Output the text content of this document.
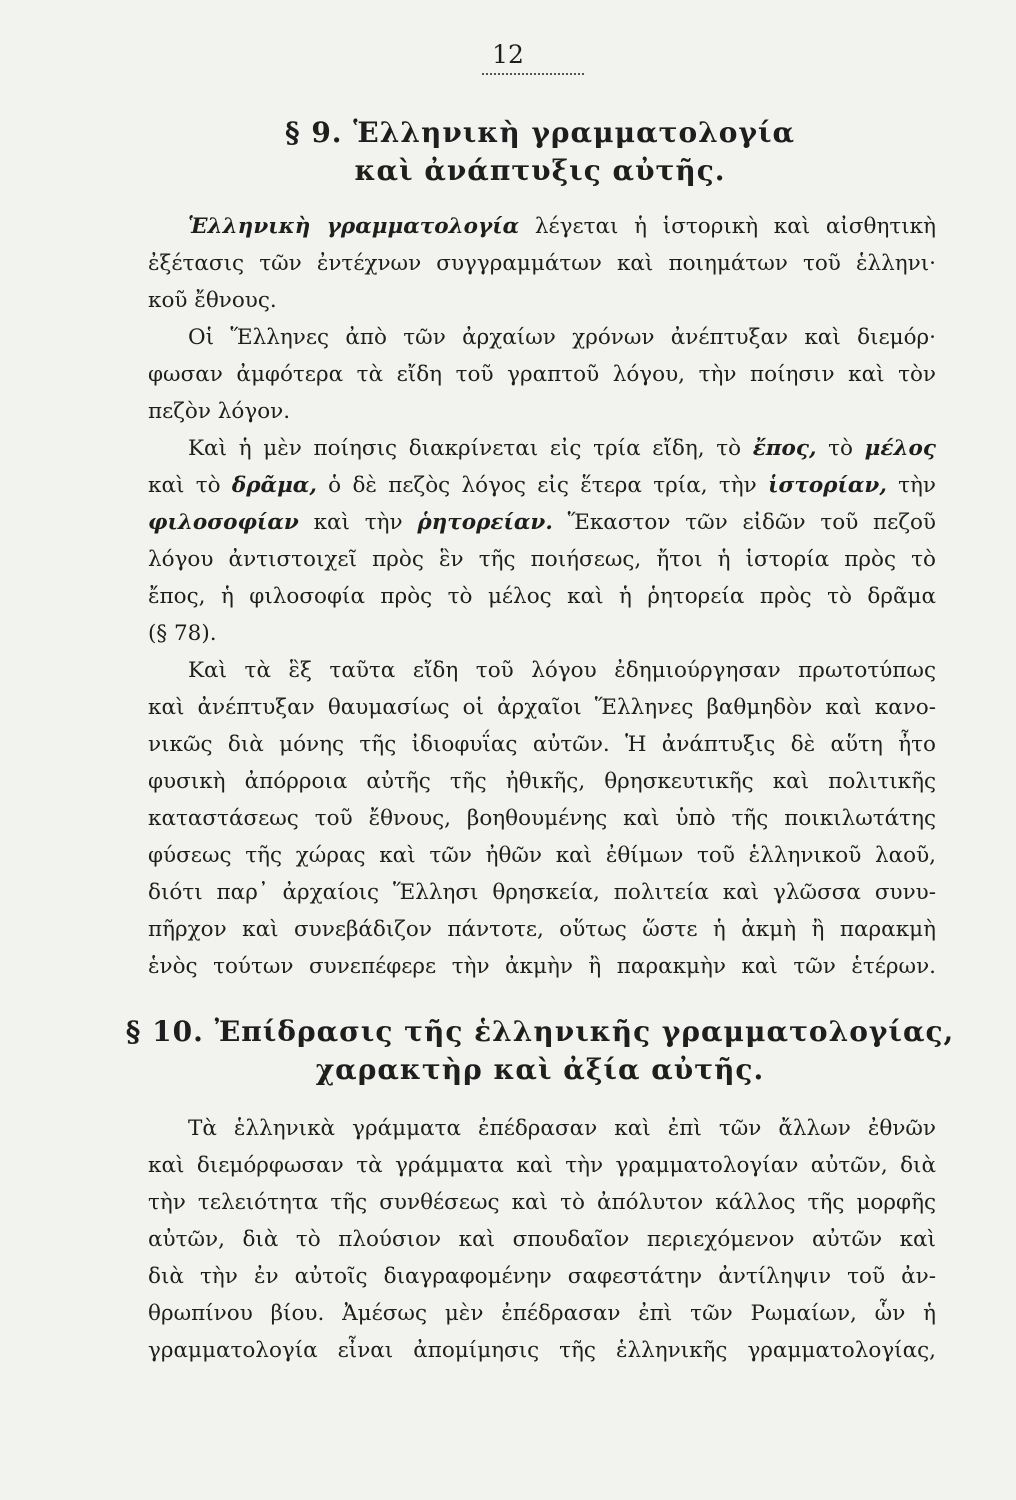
12
§ 9. Ἑλληνικὴ γραμματολογία
καὶ ἀνάπτυξις αὐτῆς.
Ἑλληνικὴ γραμματολογία λέγεται ἡ ἱστορικὴ καὶ αἰσθητικὴ
ἐξέτασις τῶν ἐντέχνων συγγραμμάτων καὶ ποιημάτων τοῦ ἑλληνι·
κοῦ ἔθνους.
Οἱ Ἕλληνες ἀπὸ τῶν ἀρχαίων χρόνων ἀνέπτυξαν καὶ διεμόρ·
φωσαν ἀμφότερα τὰ εἴδη τοῦ γραπτοῦ λόγου, τὴν ποίησιν καὶ τὸν
πεζὸν λόγον.
Καὶ ἡ μὲν ποίησις διακρίνεται εἰς τρία εἴδη, τὸ ἔπος, τὸ μέλος
καὶ τὸ δρᾶμα, ὁ δὲ πεζὸς λόγος εἰς ἕτερα τρία, τὴν ἱστορίαν, τὴν
φιλοσοφίαν καὶ τὴν ῥητορείαν. Ἕκαστον τῶν εἰδῶν τοῦ πεζοῦ
λόγου ἀντιστοιχεῖ πρὸς ἓν τῆς ποιήσεως, ἤτοι ἡ ἱστορία πρὸς τὸ
ἔπος, ἡ φιλοσοφία πρὸς τὸ μέλος καὶ ἡ ῥητορεία πρὸς τὸ δρᾶμα
(§ 78).
Καὶ τὰ ἓξ ταῦτα εἴδη τοῦ λόγου ἐδημιούργησαν πρωτοτύπως
καὶ ἀνέπτυξαν θαυμασίως οἱ ἀρχαῖοι Ἕλληνες βαθμηδὸν καὶ κανο-
νικῶς διὰ μόνης τῆς ἰδιοφυΐας αὐτῶν. Ἡ ἀνάπτυξις δὲ αὕτη ἦτο
φυσικὴ ἀπόρροια αὐτῆς τῆς ἠθικῆς, θρησκευτικῆς καὶ πολιτικῆς
καταστάσεως τοῦ ἔθνους, βοηθουμένης καὶ ὑπὸ τῆς ποικιλωτάτης
φύσεως τῆς χώρας καὶ τῶν ἠθῶν καὶ ἐθίμων τοῦ ἑλληνικοῦ λαοῦ,
διότι παρ᾽ ἀρχαίοις Ἕλλησι θρησκεία, πολιτεία καὶ γλῶσσα συνυ-
πῆρχον καὶ συνεβάδιζον πάντοτε, οὕτως ὥστε ἡ ἀκμὴ ἢ παρακμὴ
ἑνὸς τούτων συνεπέφερε τὴν ἀκμὴν ἢ παρακμὴν καὶ τῶν ἑτέρων.
§ 10. Ἐπίδρασις τῆς ἑλληνικῆς γραμματολογίας,
χαρακτὴρ καὶ ἀξία αὐτῆς.
Τὰ ἑλληνικὰ γράμματα ἐπέδρασαν καὶ ἐπὶ τῶν ἄλλων ἐθνῶν
καὶ διεμόρφωσαν τὰ γράμματα καὶ τὴν γραμματολογίαν αὐτῶν, διὰ
τὴν τελειότητα τῆς συνθέσεως καὶ τὸ ἀπόλυτον κάλλος τῆς μορφῆς
αὐτῶν, διὰ τὸ πλούσιον καὶ σπουδαῖον περιεχόμενον αὐτῶν καὶ
διὰ τὴν ἐν αὐτοῖς διαγραφομένην σαφεστάτην ἀντίληψιν τοῦ ἀν-
θρωπίνου βίου. Ἀμέσως μὲν ἐπέδρασαν ἐπὶ τῶν Ρωμαίων, ὧν ἡ
γραμματολογία εἶναι ἀπομίμησις τῆς ἑλληνικῆς γραμματολογίας,
